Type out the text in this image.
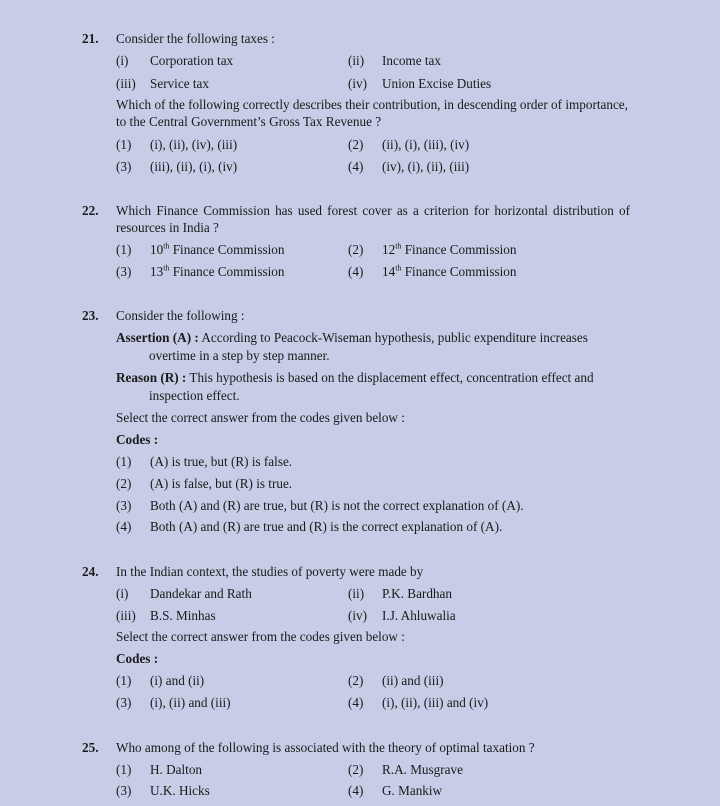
21. Consider the following taxes :
(i) Corporation tax	(ii) Income tax
(iii) Service tax	(iv) Union Excise Duties
Which of the following correctly describes their contribution, in descending order of importance, to the Central Government’s Gross Tax Revenue ?
(1) (i), (ii), (iv), (iii)	(2) (ii), (i), (iii), (iv)
(3) (iii), (ii), (i), (iv)	(4) (iv), (i), (ii), (iii)
22. Which Finance Commission has used forest cover as a criterion for horizontal distribution of resources in India ?
(1) 10th Finance Commission	(2) 12th Finance Commission
(3) 13th Finance Commission	(4) 14th Finance Commission
23. Consider the following :
Assertion (A) : According to Peacock-Wiseman hypothesis, public expenditure increases
overtime in a step by step manner.
Reason (R) : This hypothesis is based on the displacement effect, concentration effect and
inspection effect.
Select the correct answer from the codes given below :
Codes :
(1) (A) is true, but (R) is false.
(2) (A) is false, but (R) is true.
(3) Both (A) and (R) are true, but (R) is not the correct explanation of (A).
(4) Both (A) and (R) are true and (R) is the correct explanation of (A).
24. In the Indian context, the studies of poverty were made by
(i) Dandekar and Rath	(ii) P.K. Bardhan
(iii) B.S. Minhas	(iv) I.J. Ahluwalia
Select the correct answer from the codes given below :
Codes :
(1) (i) and (ii)	(2) (ii) and (iii)
(3) (i), (ii) and (iii)	(4) (i), (ii), (iii) and (iv)
25. Who among of the following is associated with the theory of optimal taxation ?
(1) H. Dalton	(2) R.A. Musgrave
(3) U.K. Hicks	(4) G. Mankiw
